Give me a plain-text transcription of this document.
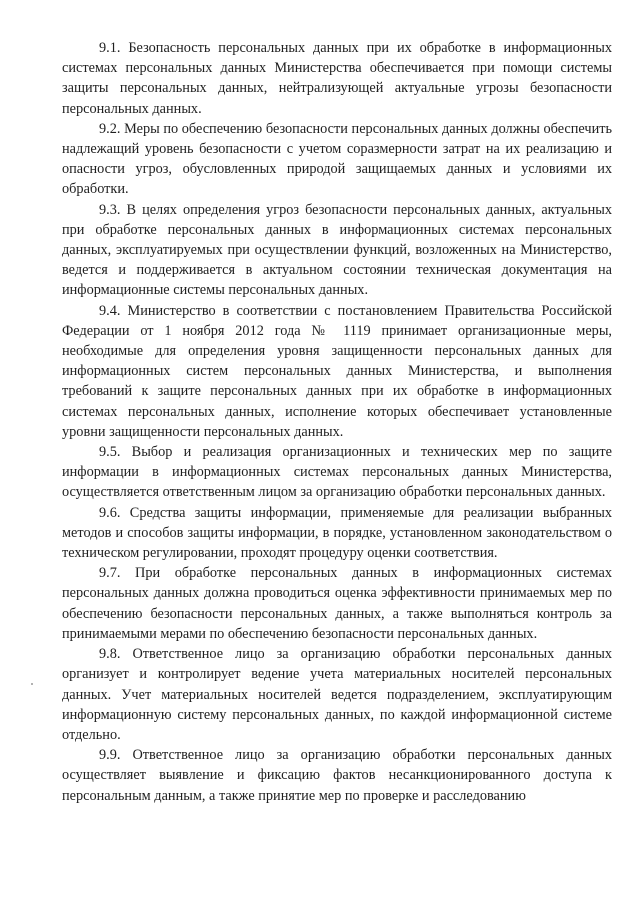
9.1. Безопасность персональных данных при их обработке в информационных системах персональных данных Министерства обеспечивается при помощи системы защиты персональных данных, нейтрализующей актуальные угрозы безопасности персональных данных.

9.2. Меры по обеспечению безопасности персональных данных должны обеспечить надлежащий уровень безопасности с учетом соразмерности затрат на их реализацию и опасности угроз, обусловленных природой защищаемых данных и условиями их обработки.

9.3. В целях определения угроз безопасности персональных данных, актуальных при обработке персональных данных в информационных системах персональных данных, эксплуатируемых при осуществлении функций, возложенных на Министерство, ведется и поддерживается в актуальном состоянии техническая документация на информационные системы персональных данных.

9.4. Министерство в соответствии с постановлением Правительства Российской Федерации от 1 ноября 2012 года № 1119 принимает организационные меры, необходимые для определения уровня защищенности персональных данных для информационных систем персональных данных Министерства, и выполнения требований к защите персональных данных при их обработке в информационных системах персональных данных, исполнение которых обеспечивает установленные уровни защищенности персональных данных.

9.5. Выбор и реализация организационных и технических мер по защите информации в информационных системах персональных данных Министерства, осуществляется ответственным лицом за организацию обработки персональных данных.

9.6. Средства защиты информации, применяемые для реализации выбранных методов и способов защиты информации, в порядке, установленном законодательством о техническом регулировании, проходят процедуру оценки соответствия.

9.7. При обработке персональных данных в информационных системах персональных данных должна проводиться оценка эффективности принимаемых мер по обеспечению безопасности персональных данных, а также выполняться контроль за принимаемыми мерами по обеспечению безопасности персональных данных.

9.8. Ответственное лицо за организацию обработки персональных данных организует и контролирует ведение учета материальных носителей персональных данных. Учет материальных носителей ведется подразделением, эксплуатирующим информационную систему персональных данных, по каждой информационной системе отдельно.

9.9. Ответственное лицо за организацию обработки персональных данных осуществляет выявление и фиксацию фактов несанкционированного доступа к персональным данным, а также принятие мер по проверке и расследованию
